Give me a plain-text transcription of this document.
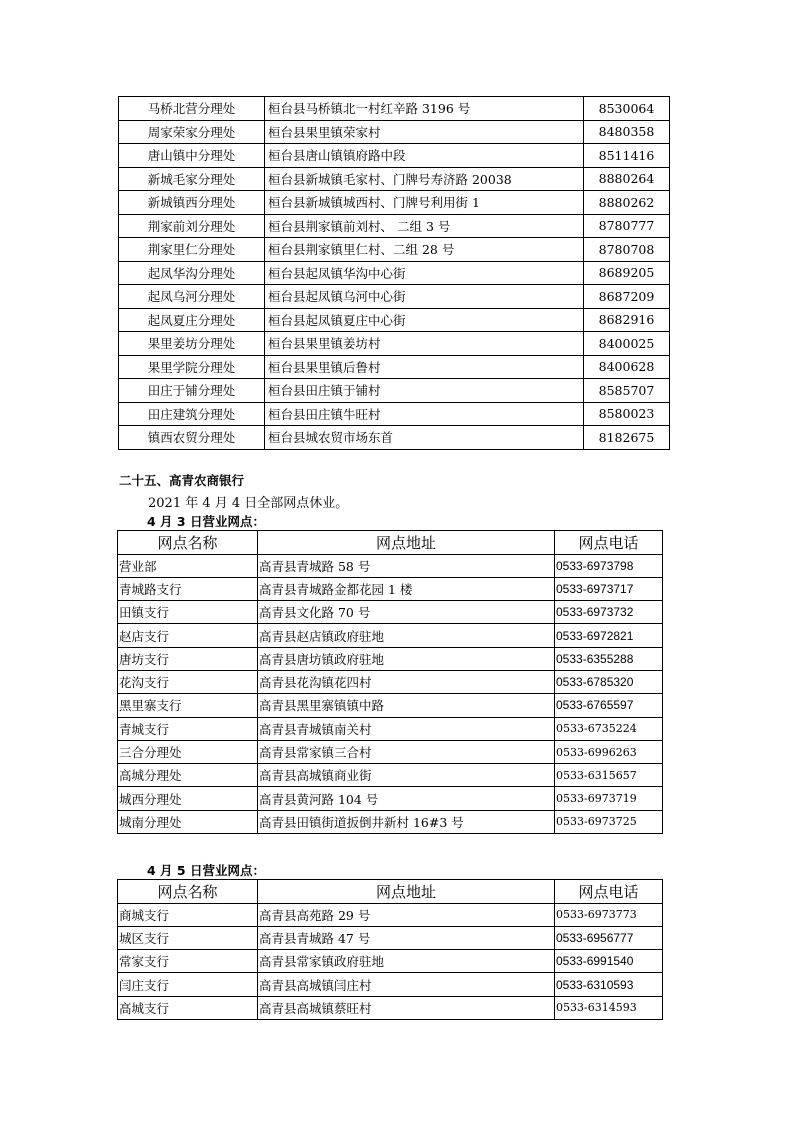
马桥北营分理处	桓台县马桥镇北一村红辛路 3196 号	8530064
周家荣家分理处	桓台县果里镇荣家村	8480358
唐山镇中分理处	桓台县唐山镇镇府路中段	8511416
新城毛家分理处	桓台县新城镇毛家村、门牌号寿济路 20038	8880264
新城镇西分理处	桓台县新城镇城西村、门牌号利用街 1	8880262
荆家前刘分理处	桓台县荆家镇前刘村、 二组 3 号	8780777
荆家里仁分理处	桓台县荆家镇里仁村、二组 28 号	8780708
起凤华沟分理处	桓台县起凤镇华沟中心街	8689205
起凤乌河分理处	桓台县起凤镇乌河中心街	8687209
起凤夏庄分理处	桓台县起凤镇夏庄中心街	8682916
果里姜坊分理处	桓台县果里镇姜坊村	8400025
果里学院分理处	桓台县果里镇后鲁村	8400628
田庄于铺分理处	桓台县田庄镇于铺村	8585707
田庄建筑分理处	桓台县田庄镇牛旺村	8580023
镇西农贸分理处	桓台县城农贸市场东首	8182675
二十五、高青农商银行
2021 年 4 月 4 日全部网点休业。
4 月 3 日营业网点：
网点名称	网点地址	网点电话
营业部	高青县青城路 58 号	0533-6973798
青城路支行	高青县青城路金都花园 1 楼	0533-6973717
田镇支行	高青县文化路 70 号	0533-6973732
赵店支行	高青县赵店镇政府驻地	0533-6972821
唐坊支行	高青县唐坊镇政府驻地	0533-6355288
花沟支行	高青县花沟镇花四村	0533-6785320
黑里寨支行	高青县黑里寨镇镇中路	0533-6765597
青城支行	高青县青城镇南关村	0533-6735224
三合分理处	高青县常家镇三合村	0533-6996263
高城分理处	高青县高城镇商业街	0533-6315657
城西分理处	高青县黄河路 104 号	0533-6973719
城南分理处	高青县田镇街道扳倒井新村 16#3 号	0533-6973725
4 月 5 日营业网点：
网点名称	网点地址	网点电话
商城支行	高青县高苑路 29 号	0533-6973773
城区支行	高青县青城路 47 号	0533-6956777
常家支行	高青县常家镇政府驻地	0533-6991540
闫庄支行	高青县高城镇闫庄村	0533-6310593
高城支行	高青县高城镇蔡旺村	0533-6314593
